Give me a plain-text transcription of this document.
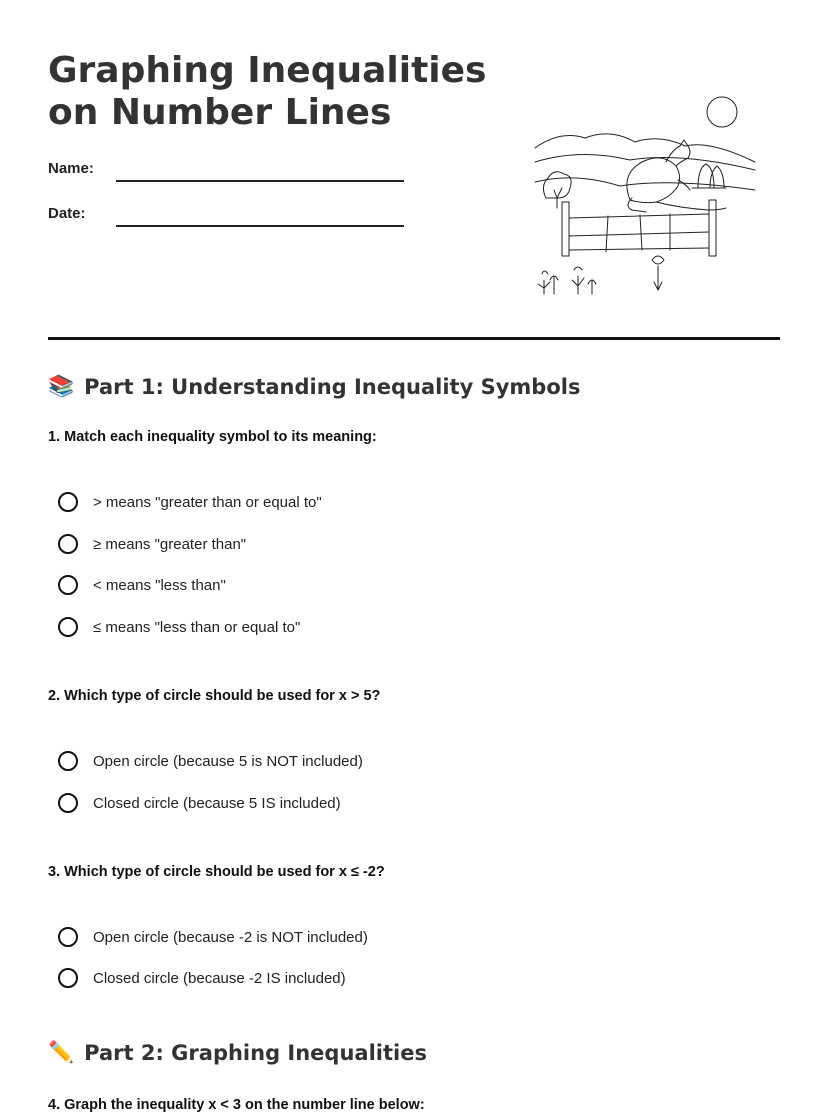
Graphing Inequalities
on Number Lines
Name:
Date:
📚 Part 1: Understanding Inequality Symbols
1. Match each inequality symbol to its meaning:
> means "greater than or equal to"
≥ means "greater than"
< means "less than"
≤ means "less than or equal to"
2. Which type of circle should be used for x > 5?
Open circle (because 5 is NOT included)
Closed circle (because 5 IS included)
3. Which type of circle should be used for x ≤ -2?
Open circle (because -2 is NOT included)
Closed circle (because -2 IS included)
✏️ Part 2: Graphing Inequalities
4. Graph the inequality x < 3 on the number line below:
